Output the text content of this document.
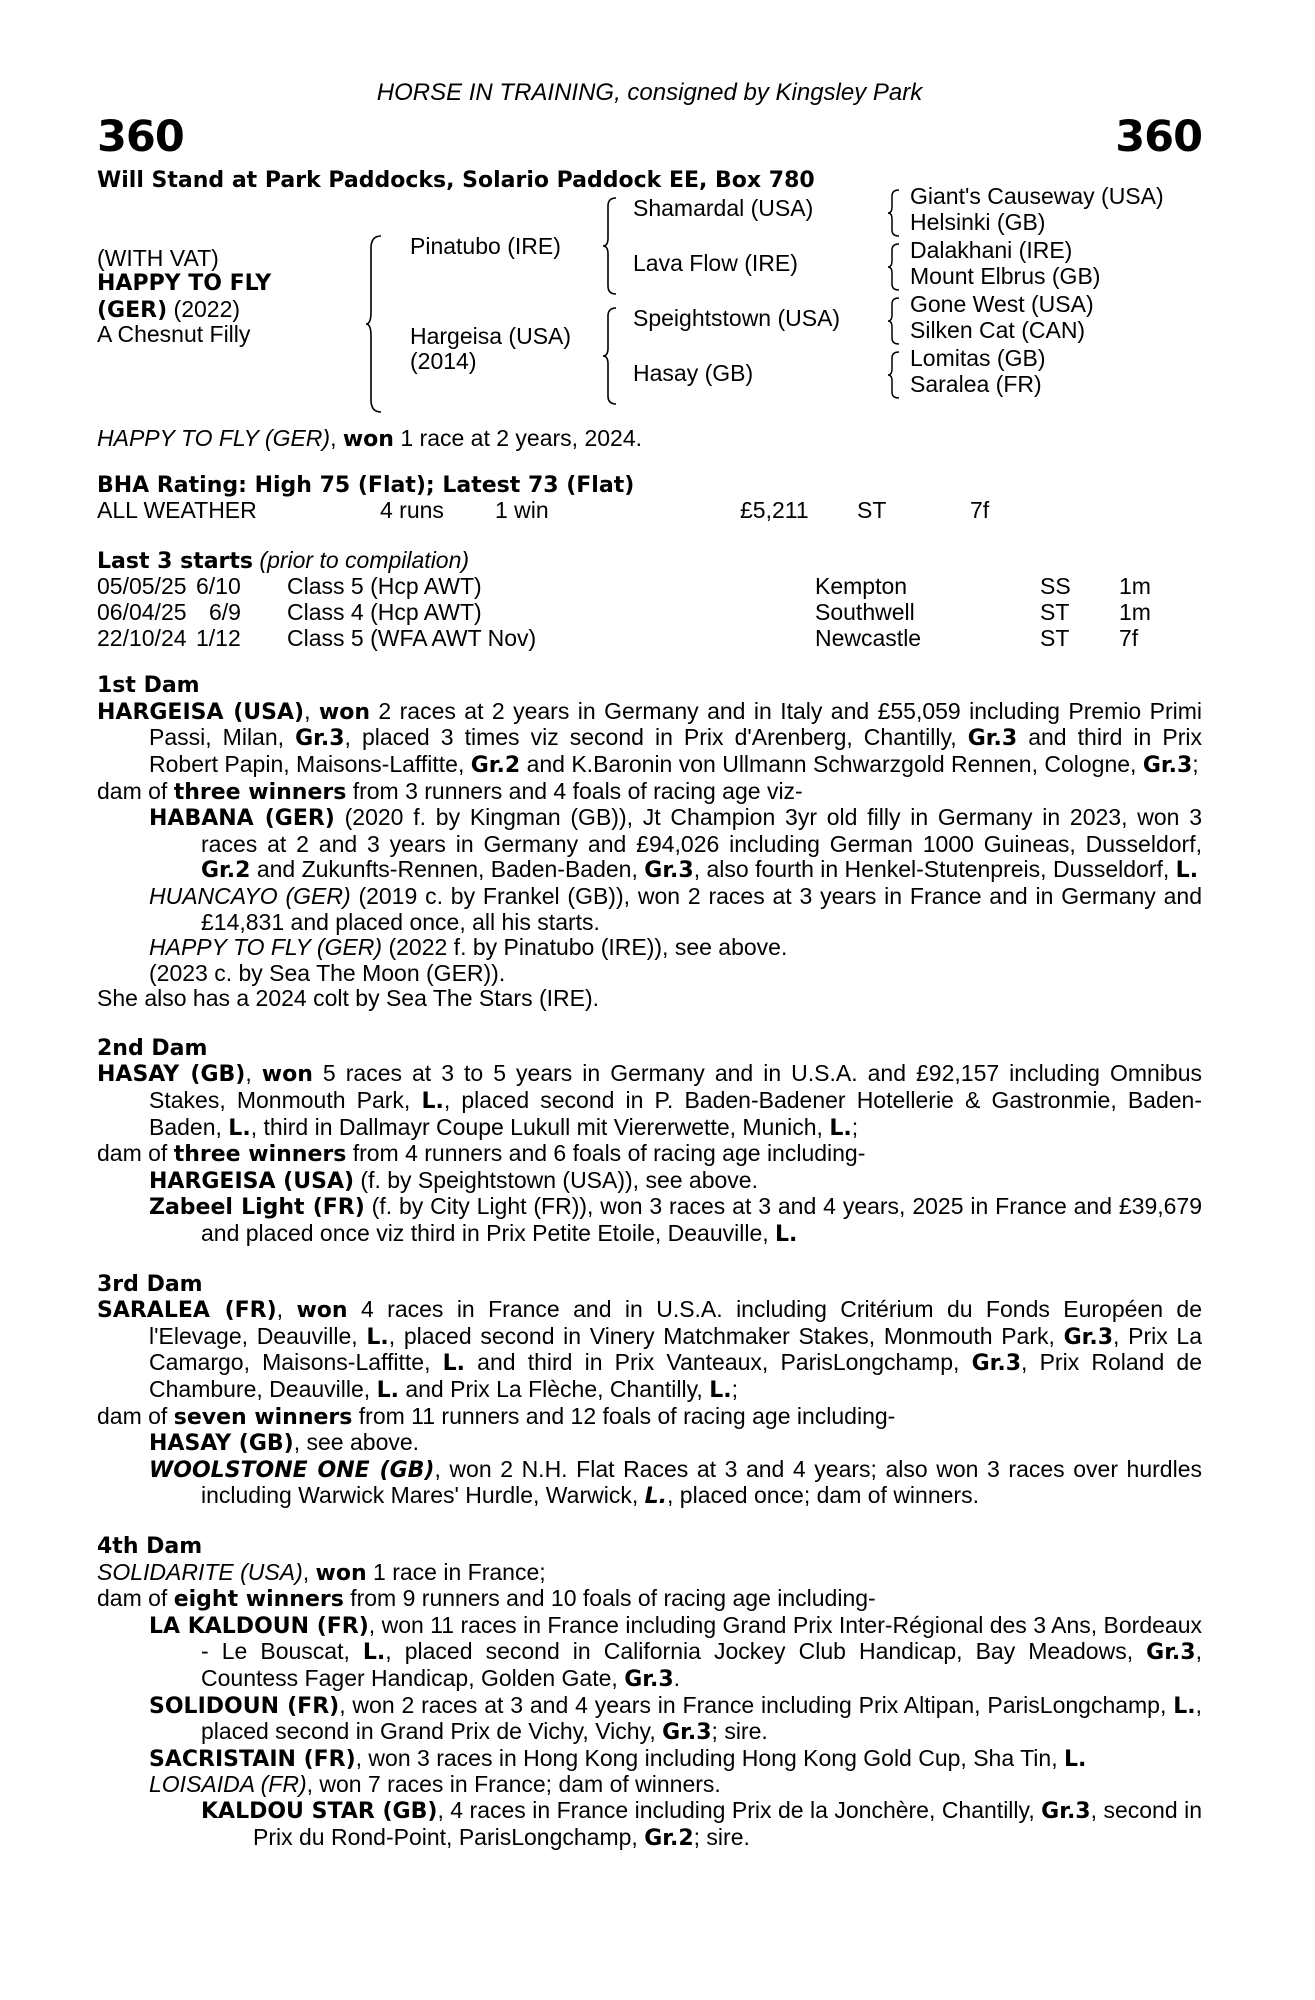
HORSE IN TRAINING, consigned by Kingsley Park
360	360
Will Stand at Park Paddocks, Solario Paddock EE, Box 780
(WITH VAT)
HAPPY TO FLY
(GER) (2022)
A Chesnut Filly
Pinatubo (IRE)
Hargeisa (USA)
(2014)
Shamardal (USA)
Lava Flow (IRE)
Speightstown (USA)
Hasay (GB)
Giant's Causeway (USA)
Helsinki (GB)
Dalakhani (IRE)
Mount Elbrus (GB)
Gone West (USA)
Silken Cat (CAN)
Lomitas (GB)
Saralea (FR)

HAPPY TO FLY (GER), won 1 race at 2 years, 2024.

BHA Rating: High 75 (Flat); Latest 73 (Flat)
ALL WEATHER	4 runs 1 win	£5,211 ST	7f
Last 3 starts (prior to compilation)
05/05/25 6/10 Class 5 (Hcp AWT)	Kempton	SS 1m
06/04/25 6/9 Class 4 (Hcp AWT)	Southwell	ST 1m
22/10/24 1/12 Class 5 (WFA AWT Nov)	Newcastle	ST 7f
1st Dam

HARGEISA (USA), won 2 races at 2 years in Germany and in Italy and £55,059 including Premio Primi Passi, Milan, Gr.3, placed 3 times viz second in Prix d'Arenberg, Chantilly, Gr.3 and third in Prix Robert Papin, Maisons-Laffitte, Gr.2 and K.Baronin von Ullmann Schwarzgold Rennen, Cologne, Gr.3;

dam of three winners from 3 runners and 4 foals of racing age viz-

HABANA (GER) (2020 f. by Kingman (GB)), Jt Champion 3yr old filly in Germany in 2023, won 3 races at 2 and 3 years in Germany and £94,026 including German 1000 Guineas, Dusseldorf, Gr.2 and Zukunfts-Rennen, Baden-Baden, Gr.3, also fourth in Henkel-Stutenpreis, Dusseldorf, L.

HUANCAYO (GER) (2019 c. by Frankel (GB)), won 2 races at 3 years in France and in Germany and £14,831 and placed once, all his starts.

HAPPY TO FLY (GER) (2022 f. by Pinatubo (IRE)), see above.

(2023 c. by Sea The Moon (GER)).

She also has a 2024 colt by Sea The Stars (IRE).

2nd Dam

HASAY (GB), won 5 races at 3 to 5 years in Germany and in U.S.A. and £92,157 including Omnibus Stakes, Monmouth Park, L., placed second in P. Baden-Badener Hotellerie & Gastronmie, Baden-Baden, L., third in Dallmayr Coupe Lukull mit Viererwette, Munich, L.;

dam of three winners from 4 runners and 6 foals of racing age including-

HARGEISA (USA) (f. by Speightstown (USA)), see above.

Zabeel Light (FR) (f. by City Light (FR)), won 3 races at 3 and 4 years, 2025 in France and £39,679 and placed once viz third in Prix Petite Etoile, Deauville, L.

3rd Dam

SARALEA (FR), won 4 races in France and in U.S.A. including Critérium du Fonds Européen de l'Elevage, Deauville, L., placed second in Vinery Matchmaker Stakes, Monmouth Park, Gr.3, Prix La Camargo, Maisons-Laffitte, L. and third in Prix Vanteaux, ParisLongchamp, Gr.3, Prix Roland de Chambure, Deauville, L. and Prix La Flèche, Chantilly, L.;

dam of seven winners from 11 runners and 12 foals of racing age including-

HASAY (GB), see above.

WOOLSTONE ONE (GB), won 2 N.H. Flat Races at 3 and 4 years; also won 3 races over hurdles including Warwick Mares' Hurdle, Warwick, L., placed once; dam of winners.

4th Dam

SOLIDARITE (USA), won 1 race in France;

dam of eight winners from 9 runners and 10 foals of racing age including-

LA KALDOUN (FR), won 11 races in France including Grand Prix Inter-Régional des 3 Ans, Bordeaux - Le Bouscat, L., placed second in California Jockey Club Handicap, Bay Meadows, Gr.3, Countess Fager Handicap, Golden Gate, Gr.3.

SOLIDOUN (FR), won 2 races at 3 and 4 years in France including Prix Altipan, ParisLongchamp, L., placed second in Grand Prix de Vichy, Vichy, Gr.3; sire.

SACRISTAIN (FR), won 3 races in Hong Kong including Hong Kong Gold Cup, Sha Tin, L.

LOISAIDA (FR), won 7 races in France; dam of winners.

KALDOU STAR (GB), 4 races in France including Prix de la Jonchère, Chantilly, Gr.3, second in Prix du Rond-Point, ParisLongchamp, Gr.2; sire.
